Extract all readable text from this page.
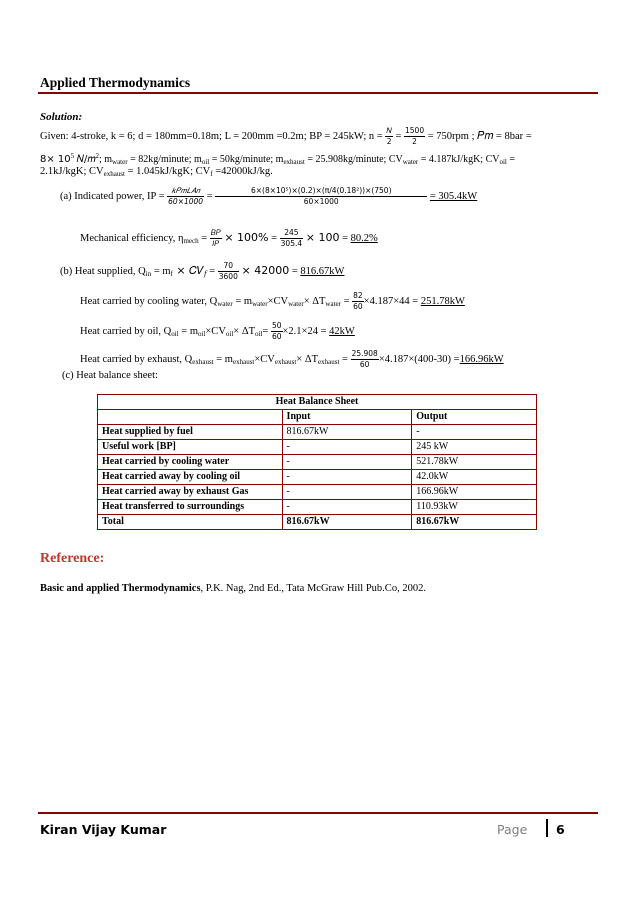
Applied Thermodynamics
Solution:
Given: 4-stroke, k = 6; d = 180mm=0.18m; L = 200mm =0.2m; BP = 245kW; $n = \frac{\text{𝑁}}{2} = \frac{1500}{2} = 750rpm$ ; 𝑃𝑚 = 8bar =
$8\times 10^5$ 𝑁/𝑚$^2$; $m_{water}$ = 82kg/minute; $m_{oil}$ = 50kg/minute; $m_{exhaust}$ = 25.908kg/minute; $CV_{water} = 4.187kJ/kgK$; $CV_{oil}$ =
2.1kJ/kgK; $CV_{exhaust} = 1.045kJ/kgK$; $CV_f =42000kJ/kg$.
(a) Indicated power, IP = $\frac{\text{𝑘𝑃𝑚𝐿𝐴𝑛}}{60\times 1000} = \frac{\text{6×(8×10⁵)×(0.2)×(π/4(0.18²))×(750)}}{60\times 1000} = 305.4kW$
Mechanical efficiency, $\eta_{mech} = \frac{\text{𝐵𝑃}}{\text{𝐼𝑃}} \times 100\% = \frac{245}{305.4} \times 100 = 80.2\%$
(b) Heat supplied, $Q_{in} = m_f$ × 𝐶𝑉$_𝑓$ = $\frac{70}{3600} \times 42000 = 816.67kW$
Heat carried by cooling water, $Q_{water} = m_{water}\times CV_{water}\times \Delta T_{water} = \frac{82}{60} \times 4.187\times 44 = 251.78kW$
Heat carried by oil, $Q_{oil} = m_{oil}\times CV_{oil}\times \Delta T_{oil}= \frac{50}{60} \times 2.1\times 24 = 42kW$
Heat carried by exhaust, $Q_{exhaust} = m_{exhaust}\times CV_{exhaust}\times \Delta T_{exhaust} = \frac{25.908}{60} \times 4.187\times(400-30) =166.96kW$
(c) Heat balance sheet:
Heat Balance Sheet		
	Input	Output
Heat supplied by fuel	816.67kW	-
Useful work [BP]	-	245 kW
Heat carried by cooling water	-	521.78kW
Heat carried away by cooling oil	-	42.0kW
Heat carried away by exhaust Gas	-	166.96kW
Heat transferred to surroundings	-	110.93kW
Total	816.67kW	816.67kW
Reference:
Basic and applied Thermodynamics, P.K. Nag, 2nd Ed., Tata McGraw Hill Pub.Co, 2002.
Kiran Vijay Kumar	Page 6
